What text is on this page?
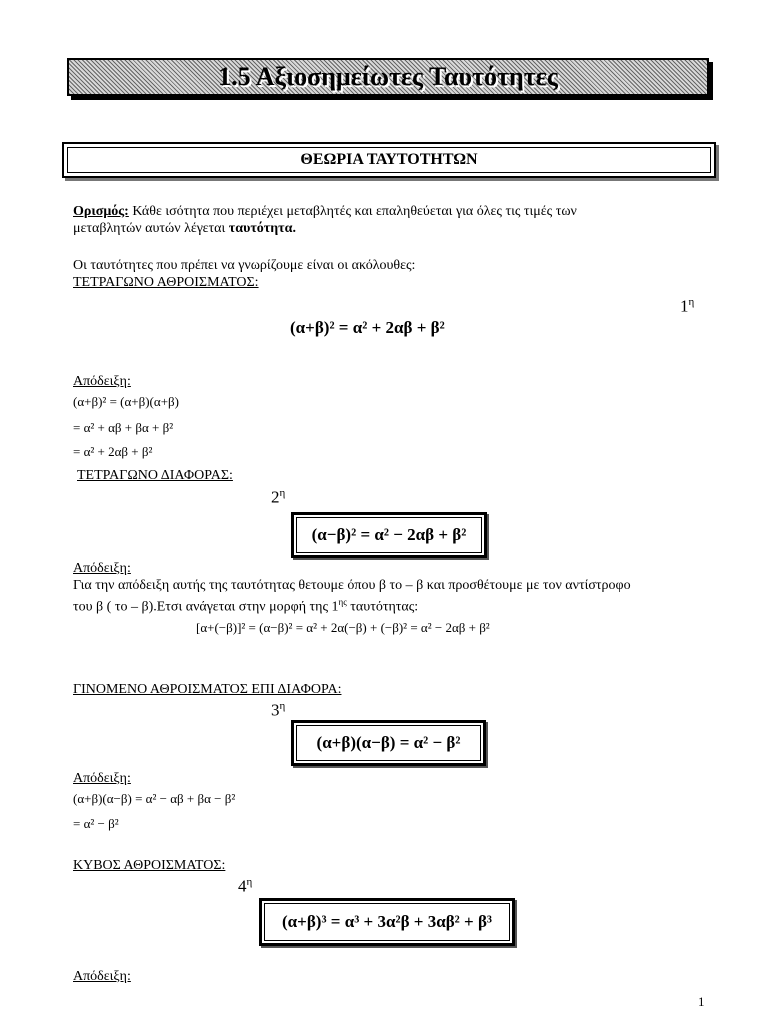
1.5 Αξιοσημείωτες Ταυτότητες
ΘΕΩΡΙΑ ΤΑΥΤΟΤΗΤΩΝ
Ορισμός: Κάθε ισότητα που περιέχει μεταβλητές και επαληθεύεται για όλες τις τιμές των
μεταβλητών αυτών λέγεται ταυτότητα.
Οι ταυτότητες που πρέπει να γνωρίζουμε είναι οι ακόλουθες:
ΤΕΤΡΑΓΩΝΟ ΑΘΡΟΙΣΜΑΤΟΣ:
$1^\eta$
(α+β)² = α² + 2αβ + β²
Απόδειξη:
(α+β)² = (α+β)(α+β)
= α² + αβ + βα + β²
= α² + 2αβ + β²
ΤΕΤΡΑΓΩΝΟ ΔΙΑΦΟΡΑΣ:
$2^\eta$
(α−β)² = α² − 2αβ + β²
Απόδειξη:
Για την απόδειξη αυτής της ταυτότητας θετουμε όπου β το – β και προσθέτουμε με τον αντίστροφο
του β ( το – β).Ετσι ανάγεται στην μορφή της $1^{\eta\varsigma}$ ταυτότητας:
[α+(−β)]² = (α−β)² = α² + 2α(−β) + (−β)² = α² − 2αβ + β²
ΓΙΝΟΜΕΝΟ ΑΘΡΟΙΣΜΑΤΟΣ ΕΠΙ ΔΙΑΦΟΡΑ:
$3^\eta$
(α+β)(α−β) = α² − β²
Απόδειξη:
(α+β)(α−β) = α² − αβ + βα − β²
= α² − β²
ΚΥΒΟΣ ΑΘΡΟΙΣΜΑΤΟΣ:
$4^\eta$
(α+β)³ = α³ + 3α²β + 3αβ² + β³
Απόδειξη:
1
